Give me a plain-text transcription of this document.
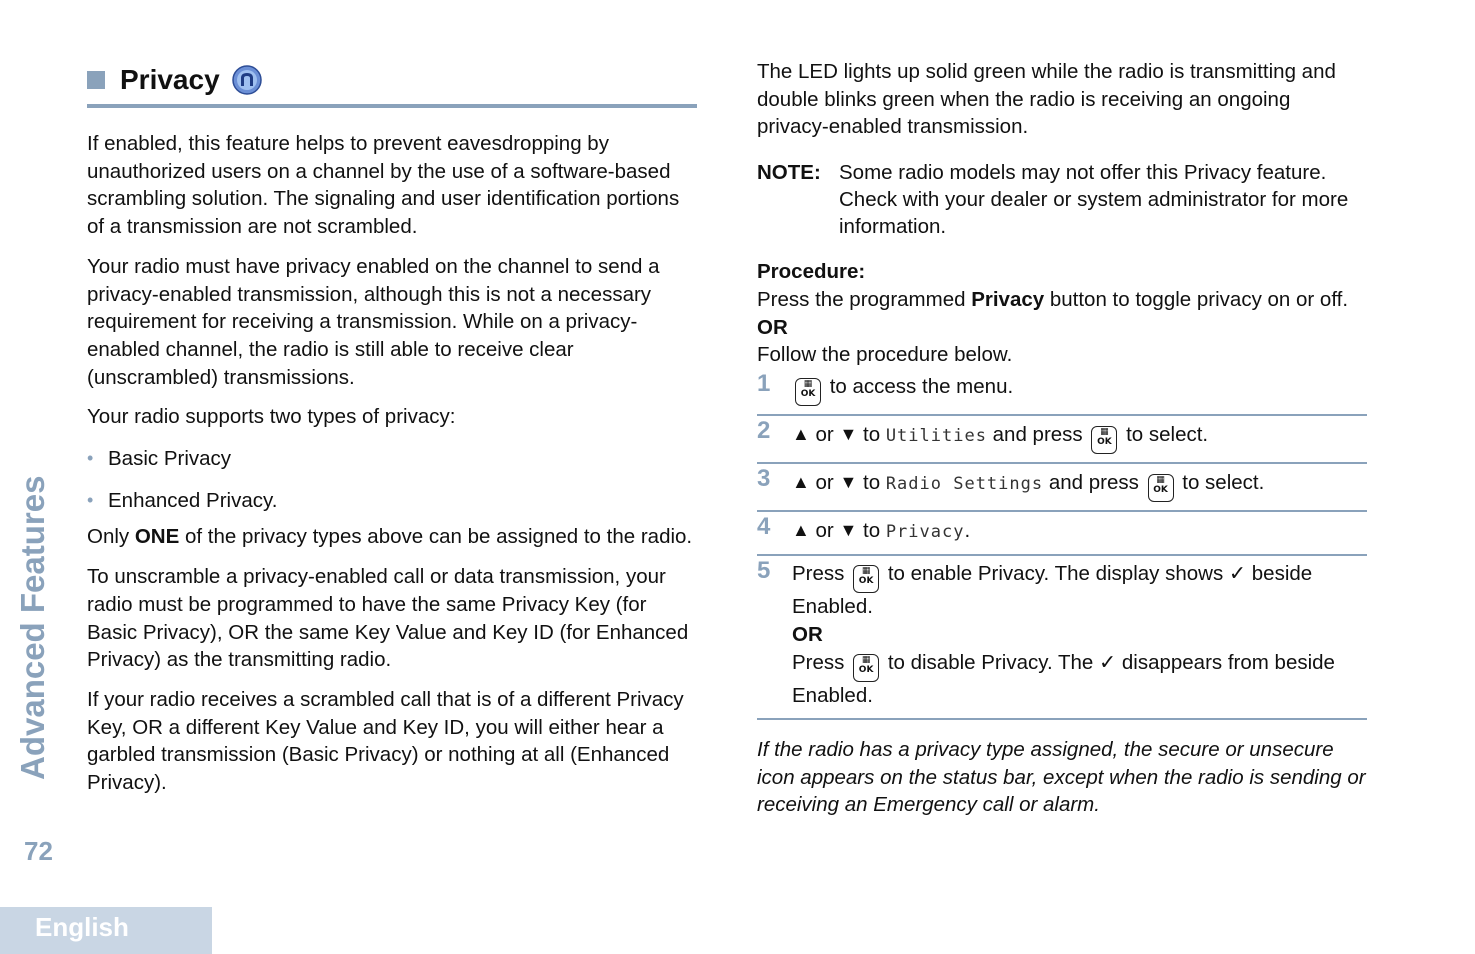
Advanced Features
72
English
Privacy

If enabled, this feature helps to prevent eavesdropping by unauthorized users on a channel by the use of a software-based scrambling solution. The signaling and user identification portions of a transmission are not scrambled.

Your radio must have privacy enabled on the channel to send a privacy-enabled transmission, although this is not a necessary requirement for receiving a transmission. While on a privacy-enabled channel, the radio is still able to receive clear (unscrambled) transmissions.

Your radio supports two types of privacy:

• Basic Privacy
• Enhanced Privacy.

Only ONE of the privacy types above can be assigned to the radio.

To unscramble a privacy-enabled call or data transmission, your radio must be programmed to have the same Privacy Key (for Basic Privacy), OR the same Key Value and Key ID (for Enhanced Privacy) as the transmitting radio.

If your radio receives a scrambled call that is of a different Privacy Key, OR a different Key Value and Key ID, you will either hear a garbled transmission (Basic Privacy) or nothing at all (Enhanced Privacy).

The LED lights up solid green while the radio is transmitting and double blinks green when the radio is receiving an ongoing privacy-enabled transmission.

NOTE: Some radio models may not offer this Privacy feature. Check with your dealer or system administrator for more information.

Procedure:

Press the programmed Privacy button to toggle privacy on or off.

OR

Follow the procedure below.

1	▦
OK to access the menu.
2	▲ or ▼ to Utilities and press ▦
OK to select.
3	▲ or ▼ to Radio Settings and press ▦
OK to select.
4	▲ or ▼ to Privacy.
5	Press ▦
OK to enable Privacy. The display shows ✓ beside Enabled.
OR
Press ▦
OK to disable Privacy. The ✓ disappears from beside Enabled.

If the radio has a privacy type assigned, the secure or unsecure icon appears on the status bar, except when the radio is sending or receiving an Emergency call or alarm.
